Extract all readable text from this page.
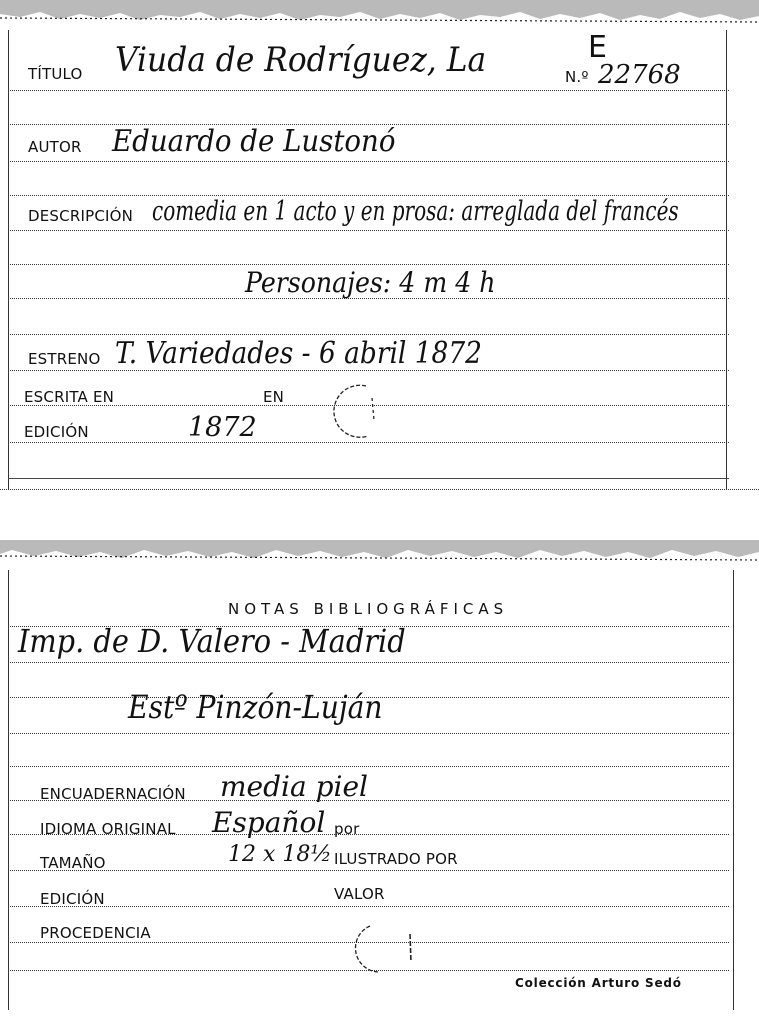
TÍTULO Viuda de Rodríguez, La	E
N.º 22768
AUTOR Eduardo de Lustonó
DESCRIPCIÓN comedia en 1 acto y en prosa: arreglada del francés
Personajes: 4 m 4 h
ESTRENO T. Variedades - 6 abril 1872
ESCRITA EN	EN
EDICIÓN	1872
NOTAS BIBLIOGRÁFICAS
Imp. de D. Valero - Madrid
Estº Pinzón-Luján
ENCUADERNACIÓN media piel
IDIOMA ORIGINAL Español por
TAMAÑO	12 x 18½ ILUSTRADO POR
EDICIÓN	VALOR
PROCEDENCIA
Colección Arturo Sedó
